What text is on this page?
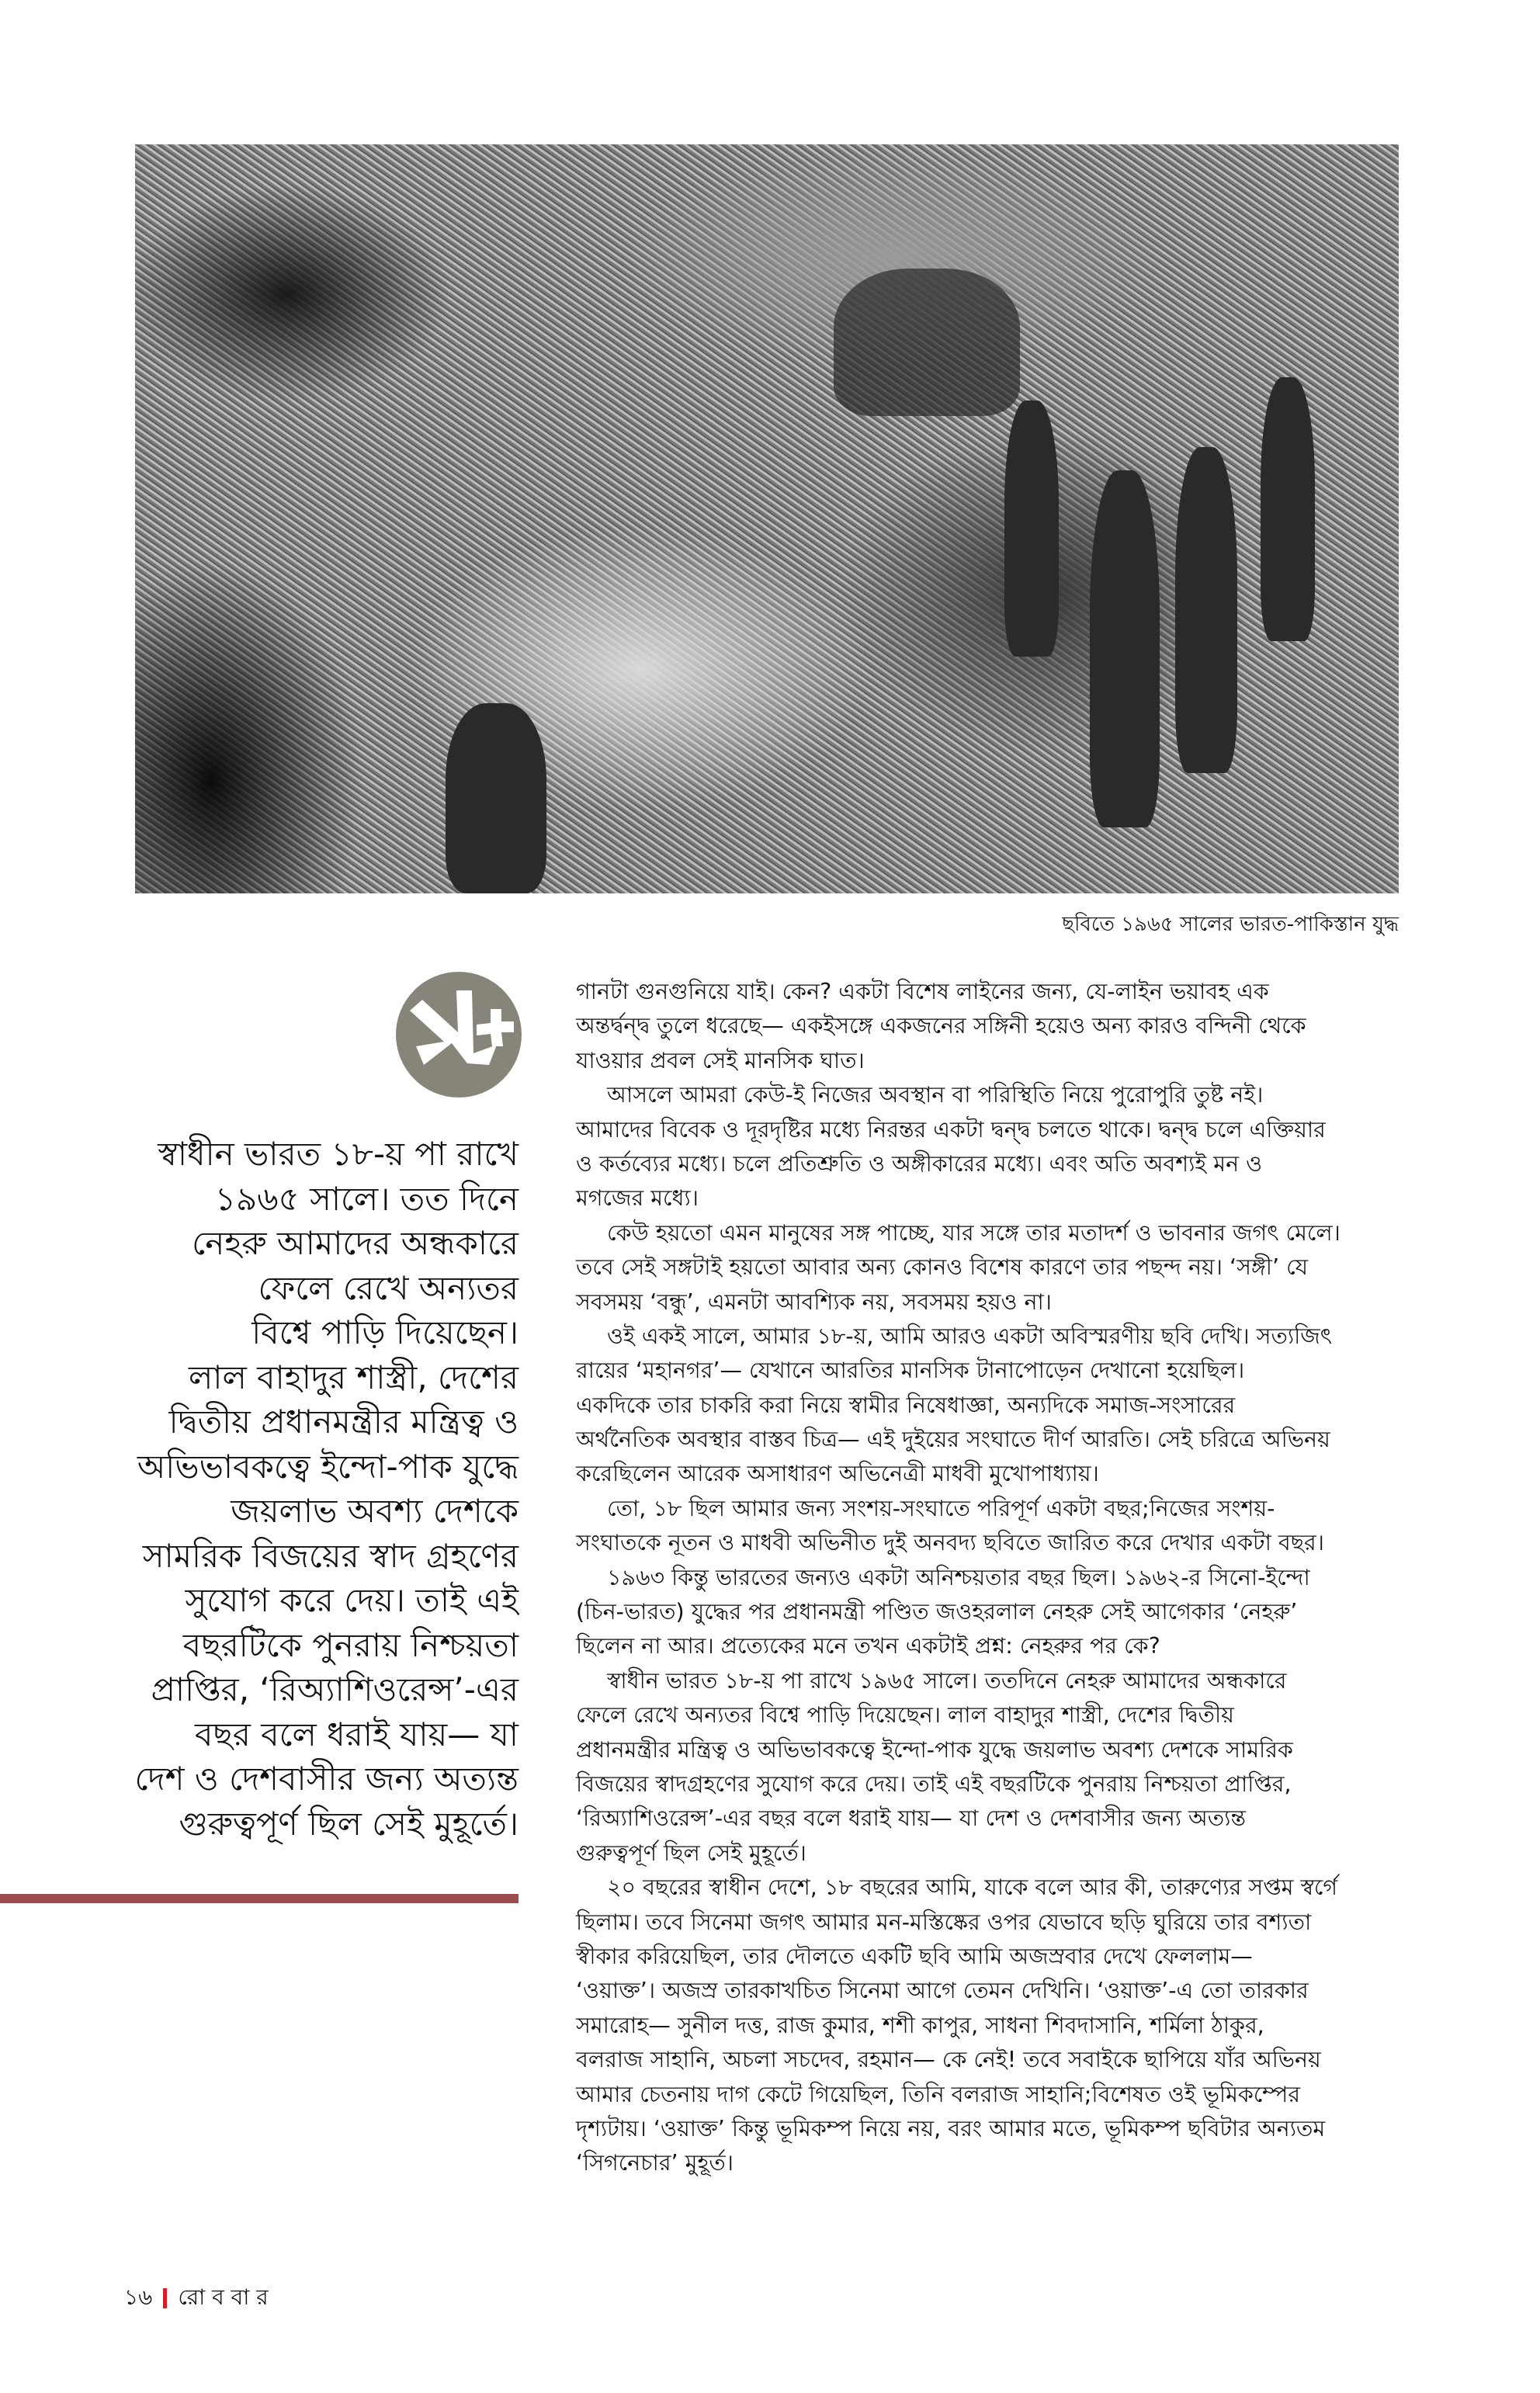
ছবিতে ১৯৬৫ সালের ভারত-পাকিস্তান যুদ্ধ
স্বাধীন ভারত ১৮-য় পা রাখে
১৯৬৫ সালে। তত দিনে
নেহরু আমাদের অন্ধকারে
ফেলে রেখে অন্যতর
বিশ্বে পাড়ি দিয়েছেন।
লাল বাহাদুর শাস্ত্রী, দেশের
দ্বিতীয় প্রধানমন্ত্রীর মন্ত্রিত্ব ও
অভিভাবকত্বে ইন্দো-পাক যুদ্ধে
জয়লাভ অবশ্য দেশকে
সামরিক বিজয়ের স্বাদ গ্রহণের
সুযোগ করে দেয়। তাই এই
বছরটিকে পুনরায় নিশ্চয়তা
প্রাপ্তির, ‘রিঅ্যাশিওরেন্স’-এর
বছর বলে ধরাই যায়— যা
দেশ ও দেশবাসীর জন্য অত্যন্ত
গুরুত্বপূর্ণ ছিল সেই মুহূর্তে।
গানটা গুনগুনিয়ে যাই। কেন? একটা বিশেষ লাইনের জন্য, যে-লাইন ভয়াবহ এক
অন্তর্দ্বন্দ্ব তুলে ধরেছে— একইসঙ্গে একজনের সঙ্গিনী হয়েও অন্য কারও বন্দিনী থেকে
যাওয়ার প্রবল সেই মানসিক ঘাত।
আসলে আমরা কেউ-ই নিজের অবস্থান বা পরিস্থিতি নিয়ে পুরোপুরি তুষ্ট নই।
আমাদের বিবেক ও দূরদৃষ্টির মধ্যে নিরন্তর একটা দ্বন্দ্ব চলতে থাকে। দ্বন্দ্ব চলে এক্তিয়ার
ও কর্তব্যের মধ্যে। চলে প্রতিশ্রুতি ও অঙ্গীকারের মধ্যে। এবং অতি অবশ্যই মন ও
মগজের মধ্যে।
কেউ হয়তো এমন মানুষের সঙ্গ পাচ্ছে, যার সঙ্গে তার মতাদর্শ ও ভাবনার জগৎ মেলে।
তবে সেই সঙ্গটাই হয়তো আবার অন্য কোনও বিশেষ কারণে তার পছন্দ নয়। ‘সঙ্গী’ যে
সবসময় ‘বন্ধু’, এমনটা আবশ্যিক নয়, সবসময় হয়ও না।
ওই একই সালে, আমার ১৮-য়, আমি আরও একটা অবিস্মরণীয় ছবি দেখি। সত্যজিৎ
রায়ের ‘মহানগর’— যেখানে আরতির মানসিক টানাপোড়েন দেখানো হয়েছিল।
একদিকে তার চাকরি করা নিয়ে স্বামীর নিষেধাজ্ঞা, অন্যদিকে সমাজ-সংসারের
অর্থনৈতিক অবস্থার বাস্তব চিত্র— এই দুইয়ের সংঘাতে দীর্ণ আরতি। সেই চরিত্রে অভিনয়
করেছিলেন আরেক অসাধারণ অভিনেত্রী মাধবী মুখোপাধ্যায়।
তো, ১৮ ছিল আমার জন্য সংশয়-সংঘাতে পরিপূর্ণ একটা বছর;নিজের সংশয়-
সংঘাতকে নূতন ও মাধবী অভিনীত দুই অনবদ্য ছবিতে জারিত করে দেখার একটা বছর।
১৯৬৩ কিন্তু ভারতের জন্যও একটা অনিশ্চয়তার বছর ছিল। ১৯৬২-র সিনো-ইন্দো
(চিন-ভারত) যুদ্ধের পর প্রধানমন্ত্রী পণ্ডিত জওহরলাল নেহরু সেই আগেকার ‘নেহরু’
ছিলেন না আর। প্রত্যেকের মনে তখন একটাই প্রশ্ন: নেহরুর পর কে?
স্বাধীন ভারত ১৮-য় পা রাখে ১৯৬৫ সালে। ততদিনে নেহরু আমাদের অন্ধকারে
ফেলে রেখে অন্যতর বিশ্বে পাড়ি দিয়েছেন। লাল বাহাদুর শাস্ত্রী, দেশের দ্বিতীয়
প্রধানমন্ত্রীর মন্ত্রিত্ব ও অভিভাবকত্বে ইন্দো-পাক যুদ্ধে জয়লাভ অবশ্য দেশকে সামরিক
বিজয়ের স্বাদগ্রহণের সুযোগ করে দেয়। তাই এই বছরটিকে পুনরায় নিশ্চয়তা প্রাপ্তির,
‘রিঅ্যাশিওরেন্স’-এর বছর বলে ধরাই যায়— যা দেশ ও দেশবাসীর জন্য অত্যন্ত
গুরুত্বপূর্ণ ছিল সেই মুহূর্তে।
২০ বছরের স্বাধীন দেশে, ১৮ বছরের আমি, যাকে বলে আর কী, তারুণ্যের সপ্তম স্বর্গে
ছিলাম। তবে সিনেমা জগৎ আমার মন-মস্তিষ্কের ওপর যেভাবে ছড়ি ঘুরিয়ে তার বশ্যতা
স্বীকার করিয়েছিল, তার দৌলতে একটি ছবি আমি অজস্রবার দেখে ফেললাম—
‘ওয়াক্ত’। অজস্র তারকাখচিত সিনেমা আগে তেমন দেখিনি। ‘ওয়াক্ত’-এ তো তারকার
সমারোহ— সুনীল দত্ত, রাজ কুমার, শশী কাপুর, সাধনা শিবদাসানি, শর্মিলা ঠাকুর,
বলরাজ সাহানি, অচলা সচদেব, রহমান— কে নেই! তবে সবাইকে ছাপিয়ে যাঁর অভিনয়
আমার চেতনায় দাগ কেটে গিয়েছিল, তিনি বলরাজ সাহানি;বিশেষত ওই ভূমিকম্পের
দৃশ্যটায়। ‘ওয়াক্ত’ কিন্তু ভূমিকম্প নিয়ে নয়, বরং আমার মতে, ভূমিকম্প ছবিটার অন্যতম
‘সিগনেচার’ মুহূর্ত।
১৬ রো ব বা র
